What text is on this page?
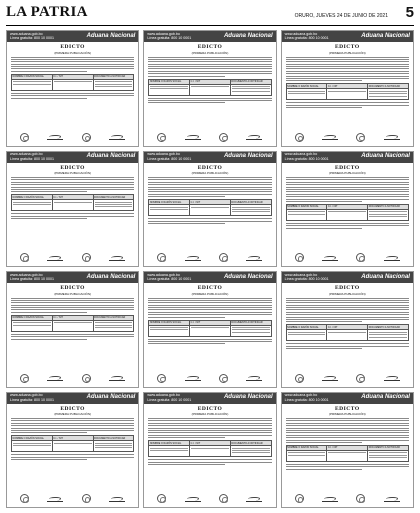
LA PATRIA	ORURO, JUEVES 24 DE JUNIO DE 2021 5
www.aduana.gob.bo
Línea gratuita: 800 10 0001	Aduana Nacional
EDICTO
(PRIMERA PUBLICACIÓN)
NOMBRE O RAZÓN SOCIAL	C.I. / NIT	DOCUMENTO A NOTIFICAR
www.aduana.gob.bo
Línea gratuita: 800 10 0001	Aduana Nacional
EDICTO
(PRIMERA PUBLICACIÓN)
NOMBRE O RAZÓN SOCIAL	C.I. / NIT	DOCUMENTO A NOTIFICAR
www.aduana.gob.bo
Línea gratuita: 800 10 0001	Aduana Nacional
EDICTO
(PRIMERA PUBLICACIÓN)
NOMBRE O RAZÓN SOCIAL	C.I. / NIT	DOCUMENTO A NOTIFICAR
www.aduana.gob.bo
Línea gratuita: 800 10 0001	Aduana Nacional
EDICTO
(PRIMERA PUBLICACIÓN)
NOMBRE O RAZÓN SOCIAL	C.I. / NIT	DOCUMENTO A NOTIFICAR
www.aduana.gob.bo
Línea gratuita: 800 10 0001	Aduana Nacional
EDICTO
(PRIMERA PUBLICACIÓN)
NOMBRE O RAZÓN SOCIAL	C.I. / NIT	DOCUMENTO A NOTIFICAR
www.aduana.gob.bo
Línea gratuita: 800 10 0001	Aduana Nacional
EDICTO
(PRIMERA PUBLICACIÓN)
NOMBRE O RAZÓN SOCIAL	C.I. / NIT	DOCUMENTO A NOTIFICAR
www.aduana.gob.bo
Línea gratuita: 800 10 0001	Aduana Nacional
EDICTO
(PRIMERA PUBLICACIÓN)
NOMBRE O RAZÓN SOCIAL	C.I. / NIT	DOCUMENTO A NOTIFICAR
www.aduana.gob.bo
Línea gratuita: 800 10 0001	Aduana Nacional
EDICTO
(PRIMERA PUBLICACIÓN)
NOMBRE O RAZÓN SOCIAL	C.I. / NIT	DOCUMENTO A NOTIFICAR
www.aduana.gob.bo
Línea gratuita: 800 10 0001	Aduana Nacional
EDICTO
(PRIMERA PUBLICACIÓN)
NOMBRE O RAZÓN SOCIAL	C.I. / NIT	DOCUMENTO A NOTIFICAR
www.aduana.gob.bo
Línea gratuita: 800 10 0001	Aduana Nacional
EDICTO
(PRIMERA PUBLICACIÓN)
NOMBRE O RAZÓN SOCIAL	C.I. / NIT	DOCUMENTO A NOTIFICAR
www.aduana.gob.bo
Línea gratuita: 800 10 0001	Aduana Nacional
EDICTO
(PRIMERA PUBLICACIÓN)
NOMBRE O RAZÓN SOCIAL	C.I. / NIT	DOCUMENTO A NOTIFICAR
www.aduana.gob.bo
Línea gratuita: 800 10 0001	Aduana Nacional
EDICTO
(PRIMERA PUBLICACIÓN)
NOMBRE O RAZÓN SOCIAL	C.I. / NIT	DOCUMENTO A NOTIFICAR
